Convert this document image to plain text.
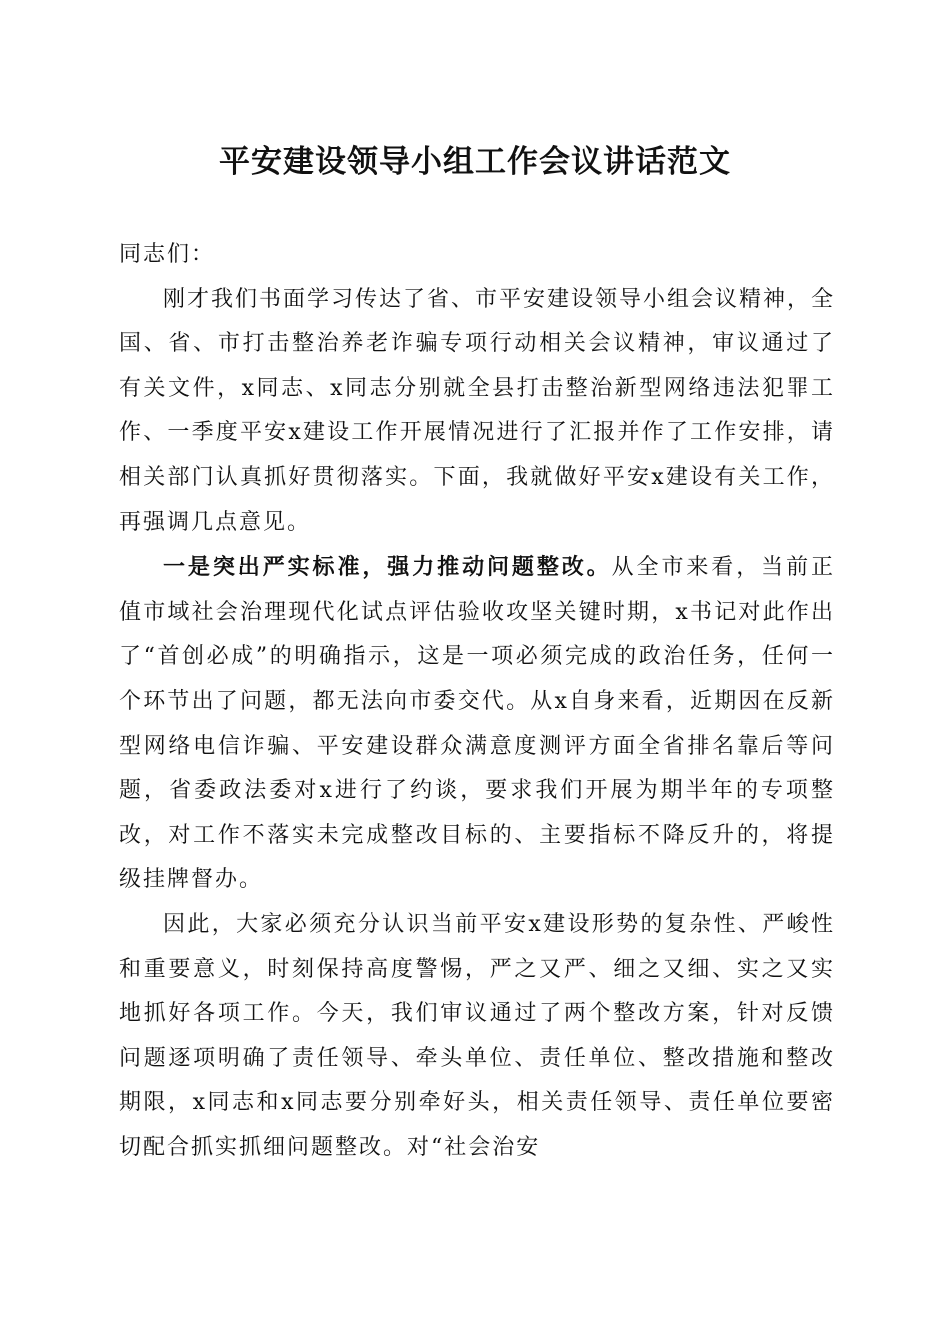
平安建设领导小组工作会议讲话范文

同志们：

刚才我们书面学习传达了省、市平安建设领导小组会议精神，全国、省、市打击整治养老诈骗专项行动相关会议精神，审议通过了有关文件，x同志、x同志分别就全县打击整治新型网络违法犯罪工作、一季度平安x建设工作开展情况进行了汇报并作了工作安排，请相关部门认真抓好贯彻落实。下面，我就做好平安x建设有关工作，再强调几点意见。

一是突出严实标准，强力推动问题整改。从全市来看，当前正值市域社会治理现代化试点评估验收攻坚关键时期，x书记对此作出了“首创必成”的明确指示，这是一项必须完成的政治任务，任何一个环节出了问题，都无法向市委交代。从x自身来看，近期因在反新型网络电信诈骗、平安建设群众满意度测评方面全省排名靠后等问题，省委政法委对x进行了约谈，要求我们开展为期半年的专项整改，对工作不落实未完成整改目标的、主要指标不降反升的，将提级挂牌督办。

因此，大家必须充分认识当前平安x建设形势的复杂性、严峻性和重要意义，时刻保持高度警惕，严之又严、细之又细、实之又实地抓好各项工作。今天，我们审议通过了两个整改方案，针对反馈问题逐项明确了责任领导、牵头单位、责任单位、整改措施和整改期限，x同志和x同志要分别牵好头，相关责任领导、责任单位要密切配合抓实抓细问题整改。对“社会治安
